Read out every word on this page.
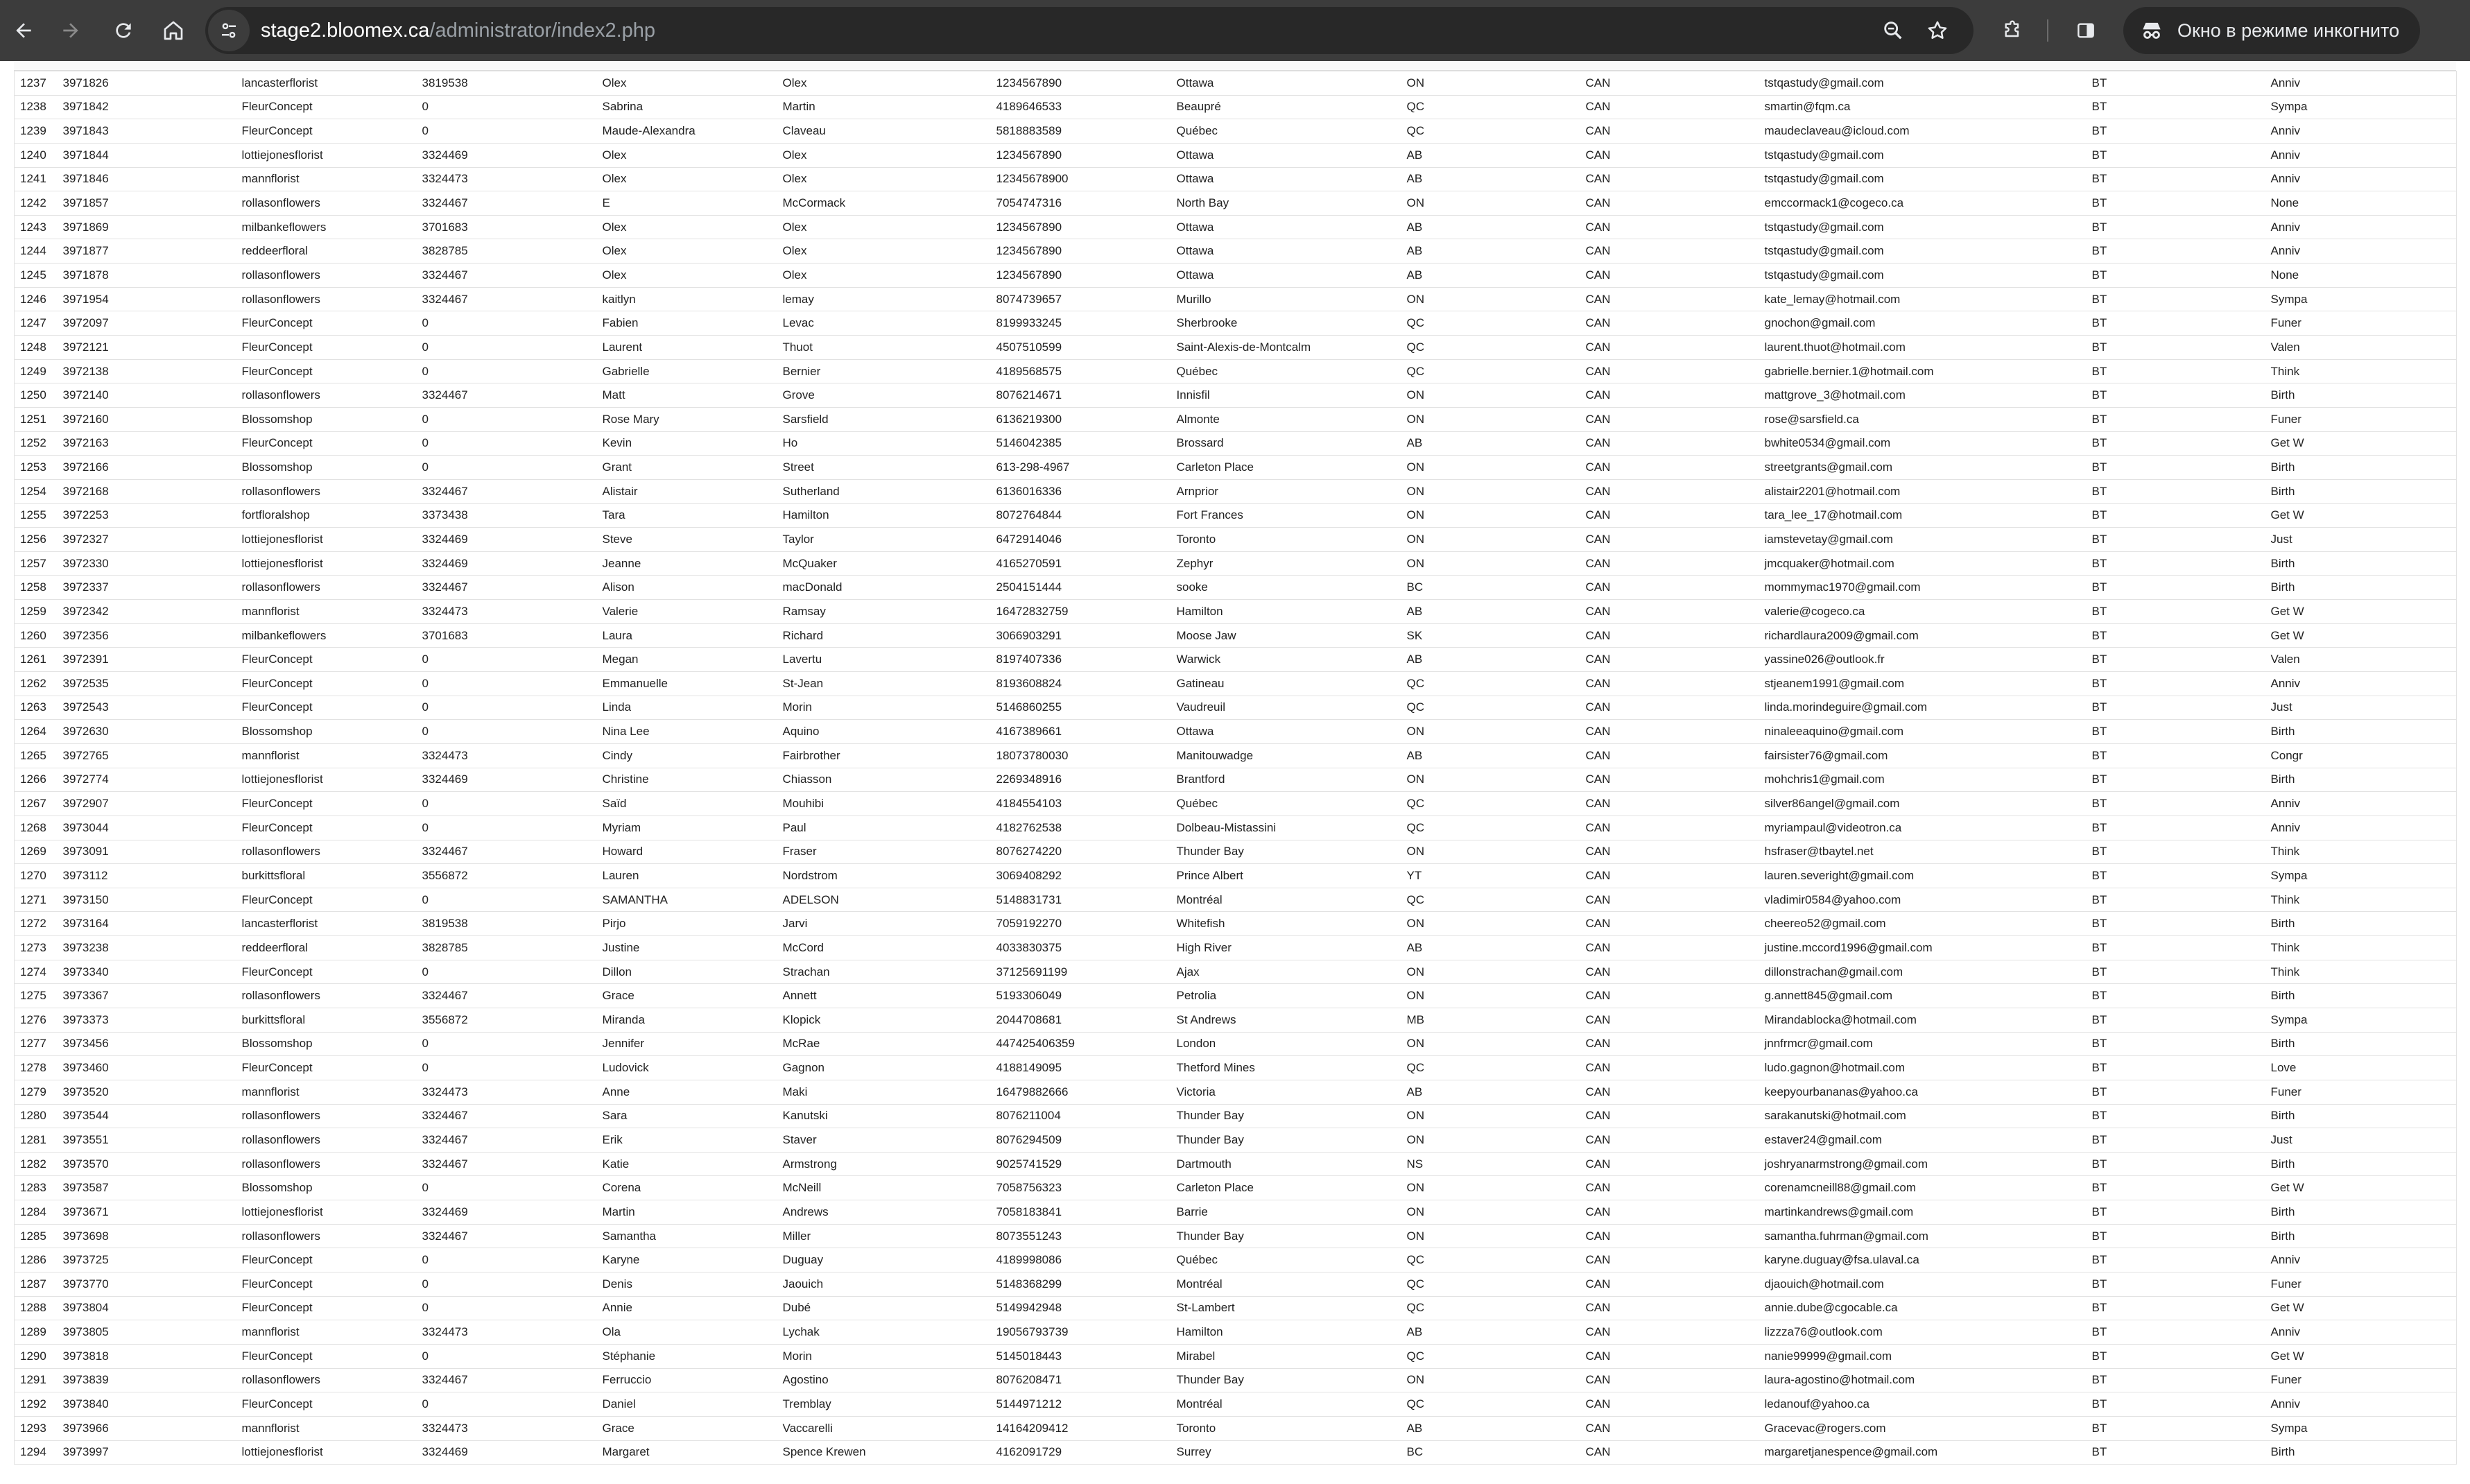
stage2.bloomex.ca/administrator/index2.php	Окно в режиме инкогнито
1237	3971826	lancasterflorist	3819538	Olex	Olex	1234567890	Ottawa	ON	CAN	tstqastudy@gmail.com	BT	Anniv
1238	3971842	FleurConcept	0	Sabrina	Martin	4189646533	Beaupré	QC	CAN	smartin@fqm.ca	BT	Sympa
1239	3971843	FleurConcept	0	Maude-Alexandra	Claveau	5818883589	Québec	QC	CAN	maudeclaveau@icloud.com	BT	Anniv
1240	3971844	lottiejonesflorist	3324469	Olex	Olex	1234567890	Ottawa	AB	CAN	tstqastudy@gmail.com	BT	Anniv
1241	3971846	mannflorist	3324473	Olex	Olex	12345678900	Ottawa	AB	CAN	tstqastudy@gmail.com	BT	Anniv
1242	3971857	rollasonflowers	3324467	E	McCormack	7054747316	North Bay	ON	CAN	emccormack1@cogeco.ca	BT	None
1243	3971869	milbankeflowers	3701683	Olex	Olex	1234567890	Ottawa	AB	CAN	tstqastudy@gmail.com	BT	Anniv
1244	3971877	reddeerfloral	3828785	Olex	Olex	1234567890	Ottawa	AB	CAN	tstqastudy@gmail.com	BT	Anniv
1245	3971878	rollasonflowers	3324467	Olex	Olex	1234567890	Ottawa	AB	CAN	tstqastudy@gmail.com	BT	None
1246	3971954	rollasonflowers	3324467	kaitlyn	lemay	8074739657	Murillo	ON	CAN	kate_lemay@hotmail.com	BT	Sympa
1247	3972097	FleurConcept	0	Fabien	Levac	8199933245	Sherbrooke	QC	CAN	gnochon@gmail.com	BT	Funer
1248	3972121	FleurConcept	0	Laurent	Thuot	4507510599	Saint-Alexis-de-Montcalm	QC	CAN	laurent.thuot@hotmail.com	BT	Valen
1249	3972138	FleurConcept	0	Gabrielle	Bernier	4189568575	Québec	QC	CAN	gabrielle.bernier.1@hotmail.com	BT	Think
1250	3972140	rollasonflowers	3324467	Matt	Grove	8076214671	Innisfil	ON	CAN	mattgrove_3@hotmail.com	BT	Birth
1251	3972160	Blossomshop	0	Rose Mary	Sarsfield	6136219300	Almonte	ON	CAN	rose@sarsfield.ca	BT	Funer
1252	3972163	FleurConcept	0	Kevin	Ho	5146042385	Brossard	AB	CAN	bwhite0534@gmail.com	BT	Get W
1253	3972166	Blossomshop	0	Grant	Street	613-298-4967	Carleton Place	ON	CAN	streetgrants@gmail.com	BT	Birth
1254	3972168	rollasonflowers	3324467	Alistair	Sutherland	6136016336	Arnprior	ON	CAN	alistair2201@hotmail.com	BT	Birth
1255	3972253	fortfloralshop	3373438	Tara	Hamilton	8072764844	Fort Frances	ON	CAN	tara_lee_17@hotmail.com	BT	Get W
1256	3972327	lottiejonesflorist	3324469	Steve	Taylor	6472914046	Toronto	ON	CAN	iamstevetay@gmail.com	BT	Just
1257	3972330	lottiejonesflorist	3324469	Jeanne	McQuaker	4165270591	Zephyr	ON	CAN	jmcquaker@hotmail.com	BT	Birth
1258	3972337	rollasonflowers	3324467	Alison	macDonald	2504151444	sooke	BC	CAN	mommymac1970@gmail.com	BT	Birth
1259	3972342	mannflorist	3324473	Valerie	Ramsay	16472832759	Hamilton	AB	CAN	valerie@cogeco.ca	BT	Get W
1260	3972356	milbankeflowers	3701683	Laura	Richard	3066903291	Moose Jaw	SK	CAN	richardlaura2009@gmail.com	BT	Get W
1261	3972391	FleurConcept	0	Megan	Lavertu	8197407336	Warwick	AB	CAN	yassine026@outlook.fr	BT	Valen
1262	3972535	FleurConcept	0	Emmanuelle	St-Jean	8193608824	Gatineau	QC	CAN	stjeanem1991@gmail.com	BT	Anniv
1263	3972543	FleurConcept	0	Linda	Morin	5146860255	Vaudreuil	QC	CAN	linda.morindeguire@gmail.com	BT	Just
1264	3972630	Blossomshop	0	Nina Lee	Aquino	4167389661	Ottawa	ON	CAN	ninaleeaquino@gmail.com	BT	Birth
1265	3972765	mannflorist	3324473	Cindy	Fairbrother	18073780030	Manitouwadge	AB	CAN	fairsister76@gmail.com	BT	Congr
1266	3972774	lottiejonesflorist	3324469	Christine	Chiasson	2269348916	Brantford	ON	CAN	mohchris1@gmail.com	BT	Birth
1267	3972907	FleurConcept	0	Saïd	Mouhibi	4184554103	Québec	QC	CAN	silver86angel@gmail.com	BT	Anniv
1268	3973044	FleurConcept	0	Myriam	Paul	4182762538	Dolbeau-Mistassini	QC	CAN	myriampaul@videotron.ca	BT	Anniv
1269	3973091	rollasonflowers	3324467	Howard	Fraser	8076274220	Thunder Bay	ON	CAN	hsfraser@tbaytel.net	BT	Think
1270	3973112	burkittsfloral	3556872	Lauren	Nordstrom	3069408292	Prince Albert	YT	CAN	lauren.severight@gmail.com	BT	Sympa
1271	3973150	FleurConcept	0	SAMANTHA	ADELSON	5148831731	Montréal	QC	CAN	vladimir0584@yahoo.com	BT	Think
1272	3973164	lancasterflorist	3819538	Pirjo	Jarvi	7059192270	Whitefish	ON	CAN	cheereo52@gmail.com	BT	Birth
1273	3973238	reddeerfloral	3828785	Justine	McCord	4033830375	High River	AB	CAN	justine.mccord1996@gmail.com	BT	Think
1274	3973340	FleurConcept	0	Dillon	Strachan	37125691199	Ajax	ON	CAN	dillonstrachan@gmail.com	BT	Think
1275	3973367	rollasonflowers	3324467	Grace	Annett	5193306049	Petrolia	ON	CAN	g.annett845@gmail.com	BT	Birth
1276	3973373	burkittsfloral	3556872	Miranda	Klopick	2044708681	St Andrews	MB	CAN	Mirandablocka@hotmail.com	BT	Sympa
1277	3973456	Blossomshop	0	Jennifer	McRae	447425406359	London	ON	CAN	jnnfrmcr@gmail.com	BT	Birth
1278	3973460	FleurConcept	0	Ludovick	Gagnon	4188149095	Thetford Mines	QC	CAN	ludo.gagnon@hotmail.com	BT	Love
1279	3973520	mannflorist	3324473	Anne	Maki	16479882666	Victoria	AB	CAN	keepyourbananas@yahoo.ca	BT	Funer
1280	3973544	rollasonflowers	3324467	Sara	Kanutski	8076211004	Thunder Bay	ON	CAN	sarakanutski@hotmail.com	BT	Birth
1281	3973551	rollasonflowers	3324467	Erik	Staver	8076294509	Thunder Bay	ON	CAN	estaver24@gmail.com	BT	Just
1282	3973570	rollasonflowers	3324467	Katie	Armstrong	9025741529	Dartmouth	NS	CAN	joshryanarmstrong@gmail.com	BT	Birth
1283	3973587	Blossomshop	0	Corena	McNeill	7058756323	Carleton Place	ON	CAN	corenamcneill88@gmail.com	BT	Get W
1284	3973671	lottiejonesflorist	3324469	Martin	Andrews	7058183841	Barrie	ON	CAN	martinkandrews@gmail.com	BT	Birth
1285	3973698	rollasonflowers	3324467	Samantha	Miller	8073551243	Thunder Bay	ON	CAN	samantha.fuhrman@gmail.com	BT	Birth
1286	3973725	FleurConcept	0	Karyne	Duguay	4189998086	Québec	QC	CAN	karyne.duguay@fsa.ulaval.ca	BT	Anniv
1287	3973770	FleurConcept	0	Denis	Jaouich	5148368299	Montréal	QC	CAN	djaouich@hotmail.com	BT	Funer
1288	3973804	FleurConcept	0	Annie	Dubé	5149942948	St-Lambert	QC	CAN	annie.dube@cgocable.ca	BT	Get W
1289	3973805	mannflorist	3324473	Ola	Lychak	19056793739	Hamilton	AB	CAN	lizzza76@outlook.com	BT	Anniv
1290	3973818	FleurConcept	0	Stéphanie	Morin	5145018443	Mirabel	QC	CAN	nanie99999@gmail.com	BT	Get W
1291	3973839	rollasonflowers	3324467	Ferruccio	Agostino	8076208471	Thunder Bay	ON	CAN	laura-agostino@hotmail.com	BT	Funer
1292	3973840	FleurConcept	0	Daniel	Tremblay	5144971212	Montréal	QC	CAN	ledanouf@yahoo.ca	BT	Anniv
1293	3973966	mannflorist	3324473	Grace	Vaccarelli	14164209412	Toronto	AB	CAN	Gracevac@rogers.com	BT	Sympa
1294	3973997	lottiejonesflorist	3324469	Margaret	Spence Krewen	4162091729	Surrey	BC	CAN	margaretjanespence@gmail.com	BT	Birth
